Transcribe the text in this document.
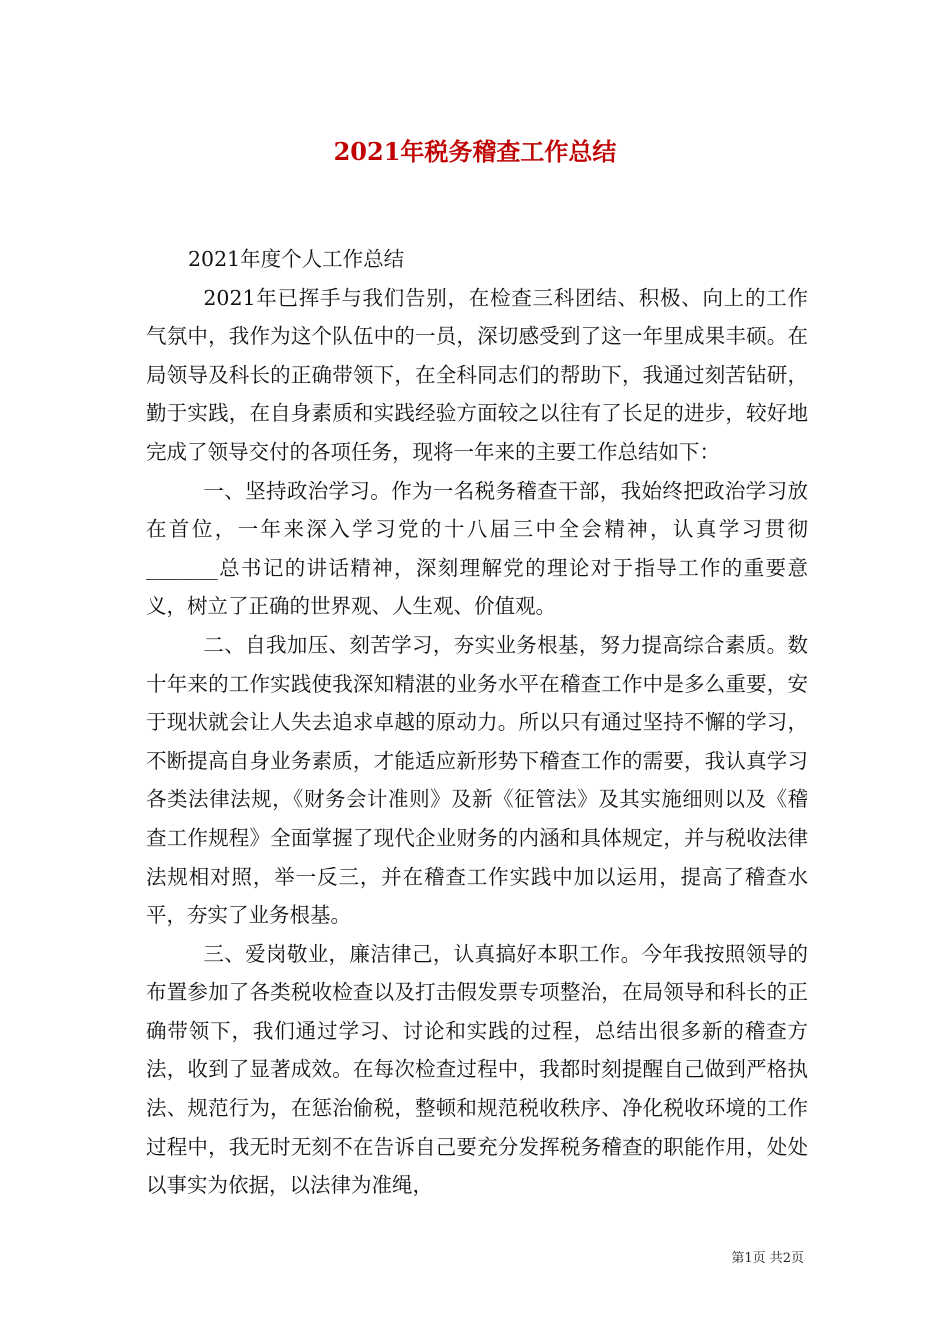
2021年税务稽查工作总结

2021年度个人工作总结

2021年已挥手与我们告别，在检查三科团结、积极、向上的工作气氛中，我作为这个队伍中的一员，深切感受到了这一年里成果丰硕。在局领导及科长的正确带领下，在全科同志们的帮助下，我通过刻苦钻研，勤于实践，在自身素质和实践经验方面较之以往有了长足的进步，较好地完成了领导交付的各项任务，现将一年来的主要工作总结如下：

一、坚持政治学习。作为一名税务稽查干部，我始终把政治学习放在首位，一年来深入学习党的十八届三中全会精神，认真学习贯彻_______总书记的讲话精神，深刻理解党的理论对于指导工作的重要意义，树立了正确的世界观、人生观、价值观。

二、自我加压、刻苦学习，夯实业务根基，努力提高综合素质。数十年来的工作实践使我深知精湛的业务水平在稽查工作中是多么重要，安于现状就会让人失去追求卓越的原动力。所以只有通过坚持不懈的学习，不断提高自身业务素质，才能适应新形势下稽查工作的需要，我认真学习各类法律法规，《财务会计准则》及新《征管法》及其实施细则以及《稽查工作规程》全面掌握了现代企业财务的内涵和具体规定，并与税收法律法规相对照，举一反三，并在稽查工作实践中加以运用，提高了稽查水平，夯实了业务根基。

三、爱岗敬业，廉洁律己，认真搞好本职工作。今年我按照领导的布置参加了各类税收检查以及打击假发票专项整治，在局领导和科长的正确带领下，我们通过学习、讨论和实践的过程，总结出很多新的稽查方法，收到了显著成效。在每次检查过程中，我都时刻提醒自己做到严格执法、规范行为，在惩治偷税，整顿和规范税收秩序、净化税收环境的工作过程中，我无时无刻不在告诉自己要充分发挥税务稽查的职能作用，处处以事实为依据，以法律为准绳，

第1页 共2页
